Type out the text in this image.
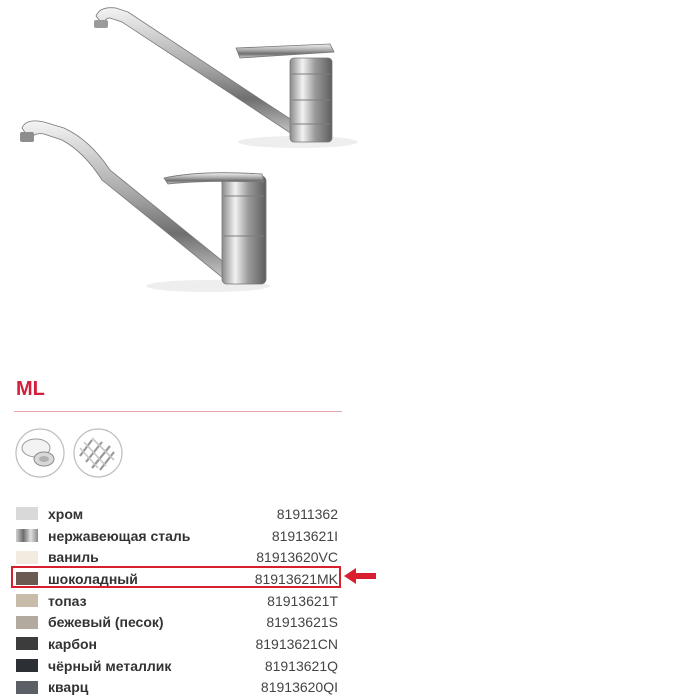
ML
хром	81911362
нержавеющая сталь	81913621I
ваниль	81913620VC
шоколадный	81913621MK
топаз	81913621T
бежевый (песок)	81913621S
карбон	81913621CN
чёрный металлик	81913621Q
кварц	81913620QI
